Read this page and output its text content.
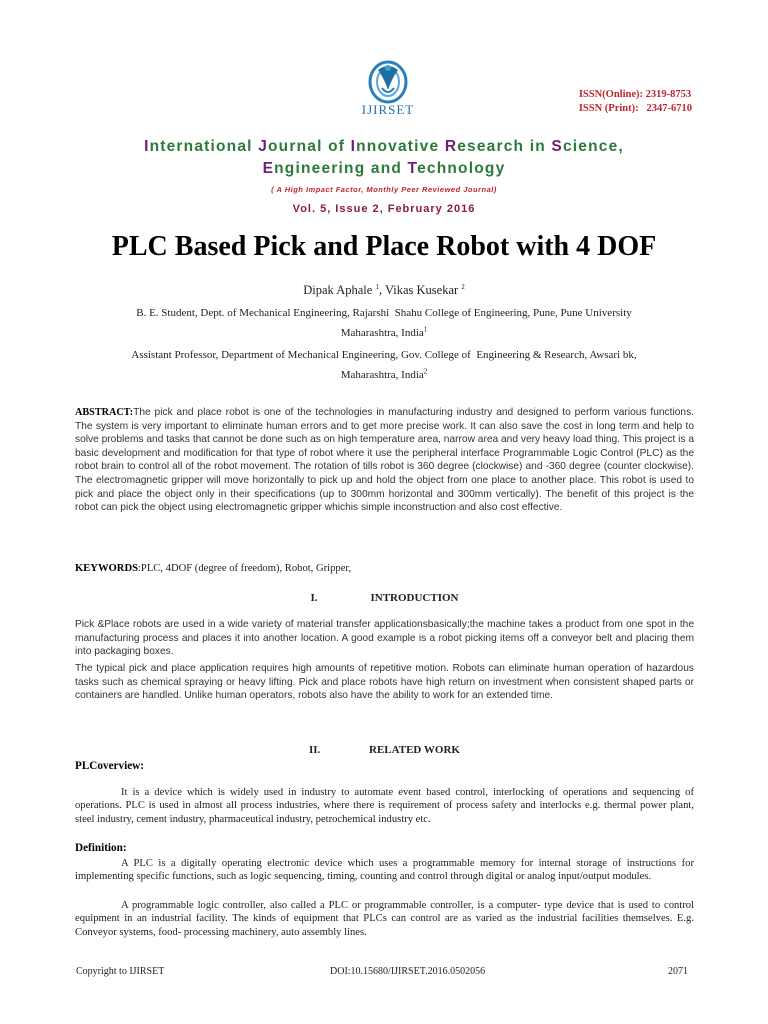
IJIRSET
ISSN(Online): 2319-8753
ISSN (Print):   2347-6710
International Journal of Innovative Research in Science,
Engineering and Technology
( A High Impact Factor, Monthly Peer Reviewed Journal)
Vol. 5, Issue 2, February 2016
PLC Based Pick and Place Robot with 4 DOF
Dipak Aphale $^1$, Vikas Kusekar $^2$
B. E. Student, Dept. of Mechanical Engineering, Rajarshi  Shahu College of Engineering, Pune, Pune University
Maharashtra, India$^1$
Assistant Professor, Department of Mechanical Engineering, Gov. College of  Engineering & Research, Awsari bk,
Maharashtra, India$^2$

ABSTRACT:The pick and place robot is one of the technologies in manufacturing industry and designed to perform various functions. The system is very important to eliminate human errors and to get more precise work. It can also save the cost in long term and help to solve problems and tasks that cannot be done such as on high temperature area, narrow area and very heavy load thing. This project is a basic development and modification for that type of robot where it use the peripheral interface Programmable Logic Control (PLC) as the robot brain to control all of the robot movement. The rotation of tills robot is 360 degree (clockwise) and -360 degree (counter clockwise). The electromagnetic gripper will move horizontally to pick up and hold the object from one place to another place. This robot is used to pick and place the object only in their specifications (up to 300mm horizontal and 300mm vertically). The benefit of this project is the robot can pick the object using electromagnetic gripper whichis simple inconstruction and also cost effective.

KEYWORDS:PLC, 4DOF (degree of freedom), Robot, Gripper,

I.	INTRODUCTION

Pick &Place robots are used in a wide variety of material transfer applicationsbasically;the machine takes a product from one spot in the manufacturing process and places it into another location. A good example is a robot picking items off a conveyor belt and placing them into packaging boxes.

The typical pick and place application requires high amounts of repetitive motion. Robots can eliminate human operation of hazardous tasks such as chemical spraying or heavy lifting. Pick and place robots have high return on investment when consistent shaped parts or containers are handled. Unlike human operators, robots also have the ability to work for an extended time.

II.	RELATED WORK
PLCoverview:

It is a device which is widely used in industry to automate event based control, interlocking of operations and sequencing of operations. PLC is used in almost all process industries, where there is requirement of process safety and interlocks e.g. thermal power plant, steel industry, cement industry, pharmaceutical industry, petrochemical industry etc.

Definition:

A PLC is a digitally operating electronic device which uses a programmable memory for internal storage of instructions for implementing specific functions, such as logic sequencing, timing, counting and control through digital or analog input/output modules.

A programmable logic controller, also called a PLC or programmable controller, is a computer- type device that is used to control equipment in an industrial facility. The kinds of equipment that PLCs can control are as varied as the industrial facilities themselves. E.g. Conveyor systems, food- processing machinery, auto assembly lines.

Copyright to IJIRSET	DOI:10.15680/IJIRSET.2016.0502056	2071
